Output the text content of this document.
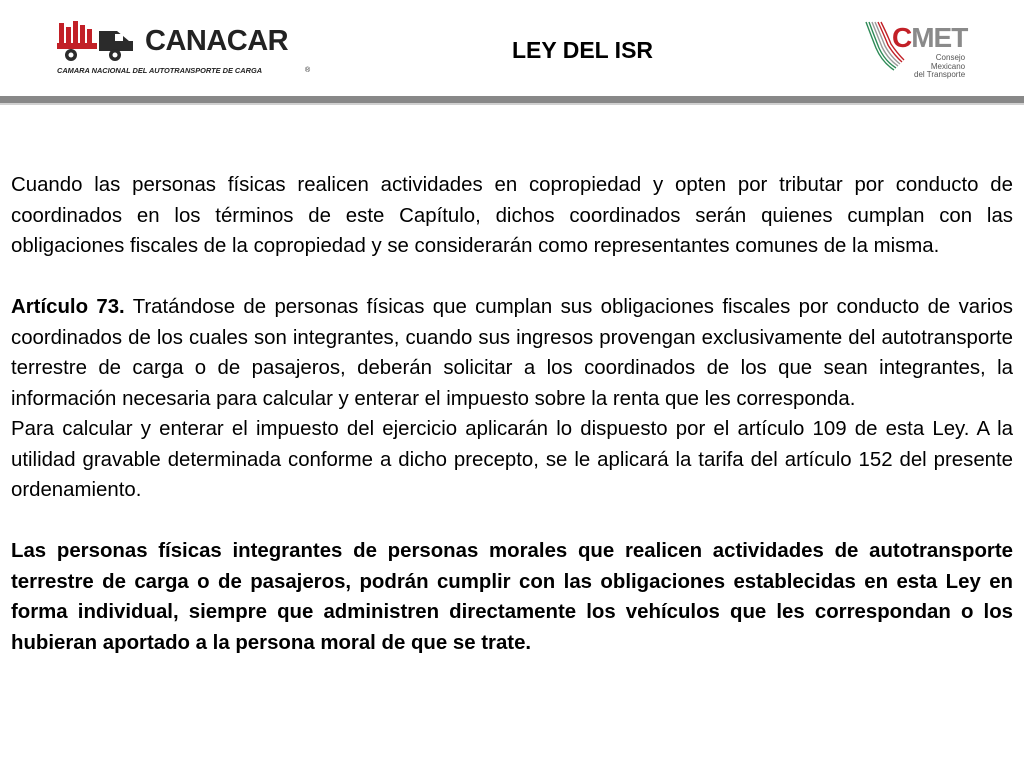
CANACAR
CAMARA NACIONAL DEL AUTOTRANSPORTE DE CARGA	®
LEY DEL ISR	CMET
Consejo
Mexicano
del Transporte

Cuando las personas físicas realicen actividades en copropiedad y opten por tributar por conducto de coordinados en los términos de este Capítulo, dichos coordinados serán quienes cumplan con las obligaciones fiscales de la copropiedad y se considerarán como representantes comunes de la misma.

Artículo 73. Tratándose de personas físicas que cumplan sus obligaciones fiscales por conducto de varios coordinados de los cuales son integrantes, cuando sus ingresos provengan exclusivamente del autotransporte terrestre de carga o de pasajeros, deberán solicitar a los coordinados de los que sean integrantes, la información necesaria para calcular y enterar el impuesto sobre la renta que les corresponda.

Para calcular y enterar el impuesto del ejercicio aplicarán lo dispuesto por el artículo 109 de esta Ley. A la utilidad gravable determinada conforme a dicho precepto, se le aplicará la tarifa del artículo 152 del presente ordenamiento.

Las personas físicas integrantes de personas morales que realicen actividades de autotransporte terrestre de carga o de pasajeros, podrán cumplir con las obligaciones establecidas en esta Ley en forma individual, siempre que administren directamente los vehículos que les correspondan o los hubieran aportado a la persona moral de que se trate.
